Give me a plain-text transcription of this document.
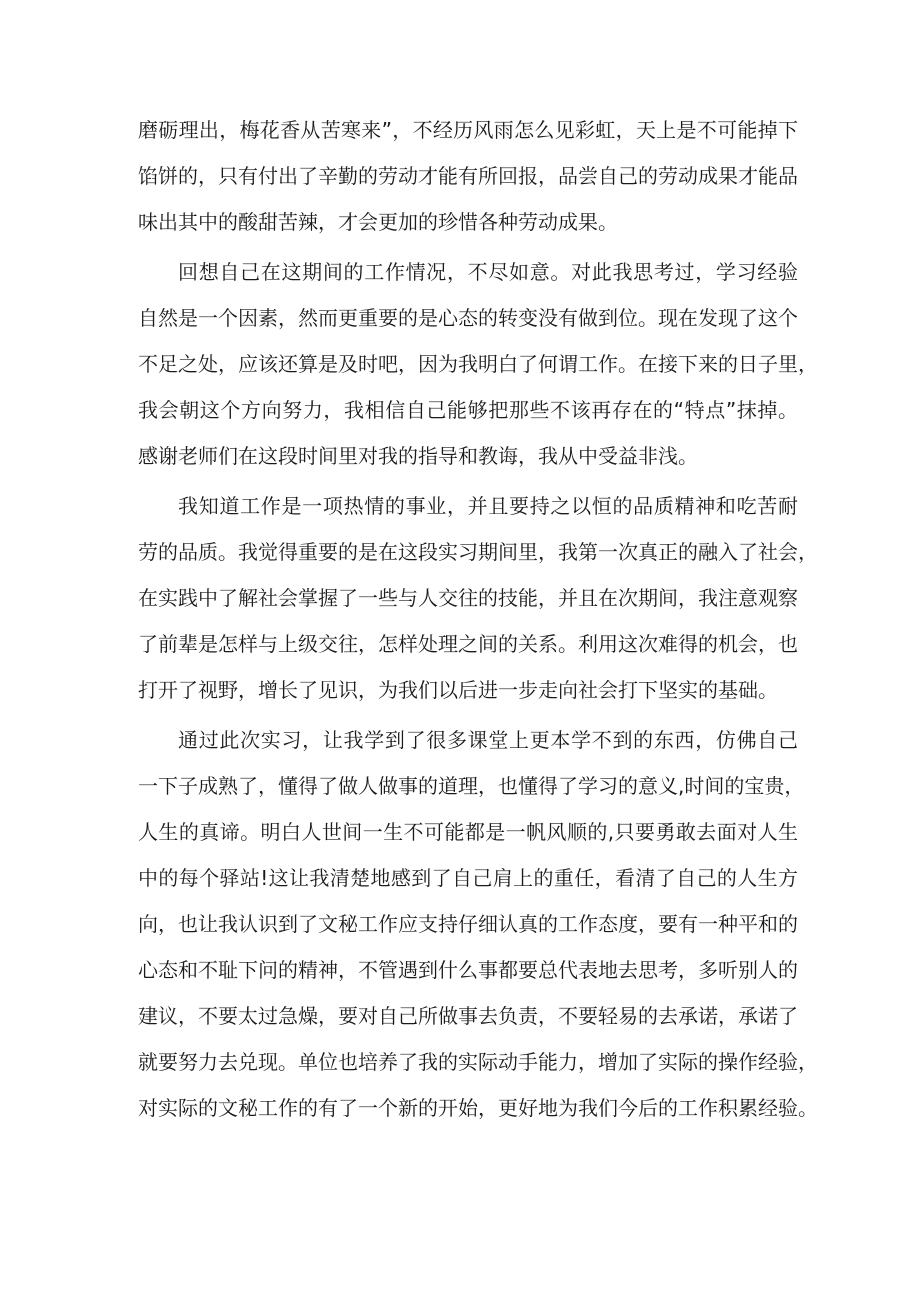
磨砺理出，梅花香从苦寒来”，不经历风雨怎么见彩虹，天上是不可能掉下
馅饼的，只有付出了辛勤的劳动才能有所回报，品尝自己的劳动成果才能品
味出其中的酸甜苦辣，才会更加的珍惜各种劳动成果。
回想自己在这期间的工作情况，不尽如意。对此我思考过，学习经验
自然是一个因素，然而更重要的是心态的转变没有做到位。现在发现了这个
不足之处，应该还算是及时吧，因为我明白了何谓工作。在接下来的日子里，
我会朝这个方向努力，我相信自己能够把那些不该再存在的“特点”抹掉。
感谢老师们在这段时间里对我的指导和教诲，我从中受益非浅。
我知道工作是一项热情的事业，并且要持之以恒的品质精神和吃苦耐
劳的品质。我觉得重要的是在这段实习期间里，我第一次真正的融入了社会，
在实践中了解社会掌握了一些与人交往的技能，并且在次期间，我注意观察
了前辈是怎样与上级交往，怎样处理之间的关系。利用这次难得的机会，也
打开了视野，增长了见识，为我们以后进一步走向社会打下坚实的基础。
通过此次实习，让我学到了很多课堂上更本学不到的东西，仿佛自己
一下子成熟了，懂得了做人做事的道理，也懂得了学习的意义,时间的宝贵，
人生的真谛。明白人世间一生不可能都是一帆风顺的,只要勇敢去面对人生
中的每个驿站!这让我清楚地感到了自己肩上的重任，看清了自己的人生方
向，也让我认识到了文秘工作应支持仔细认真的工作态度，要有一种平和的
心态和不耻下问的精神，不管遇到什么事都要总代表地去思考，多听别人的
建议，不要太过急燥，要对自己所做事去负责，不要轻易的去承诺，承诺了
就要努力去兑现。单位也培养了我的实际动手能力，增加了实际的操作经验，
对实际的文秘工作的有了一个新的开始，更好地为我们今后的工作积累经验。
